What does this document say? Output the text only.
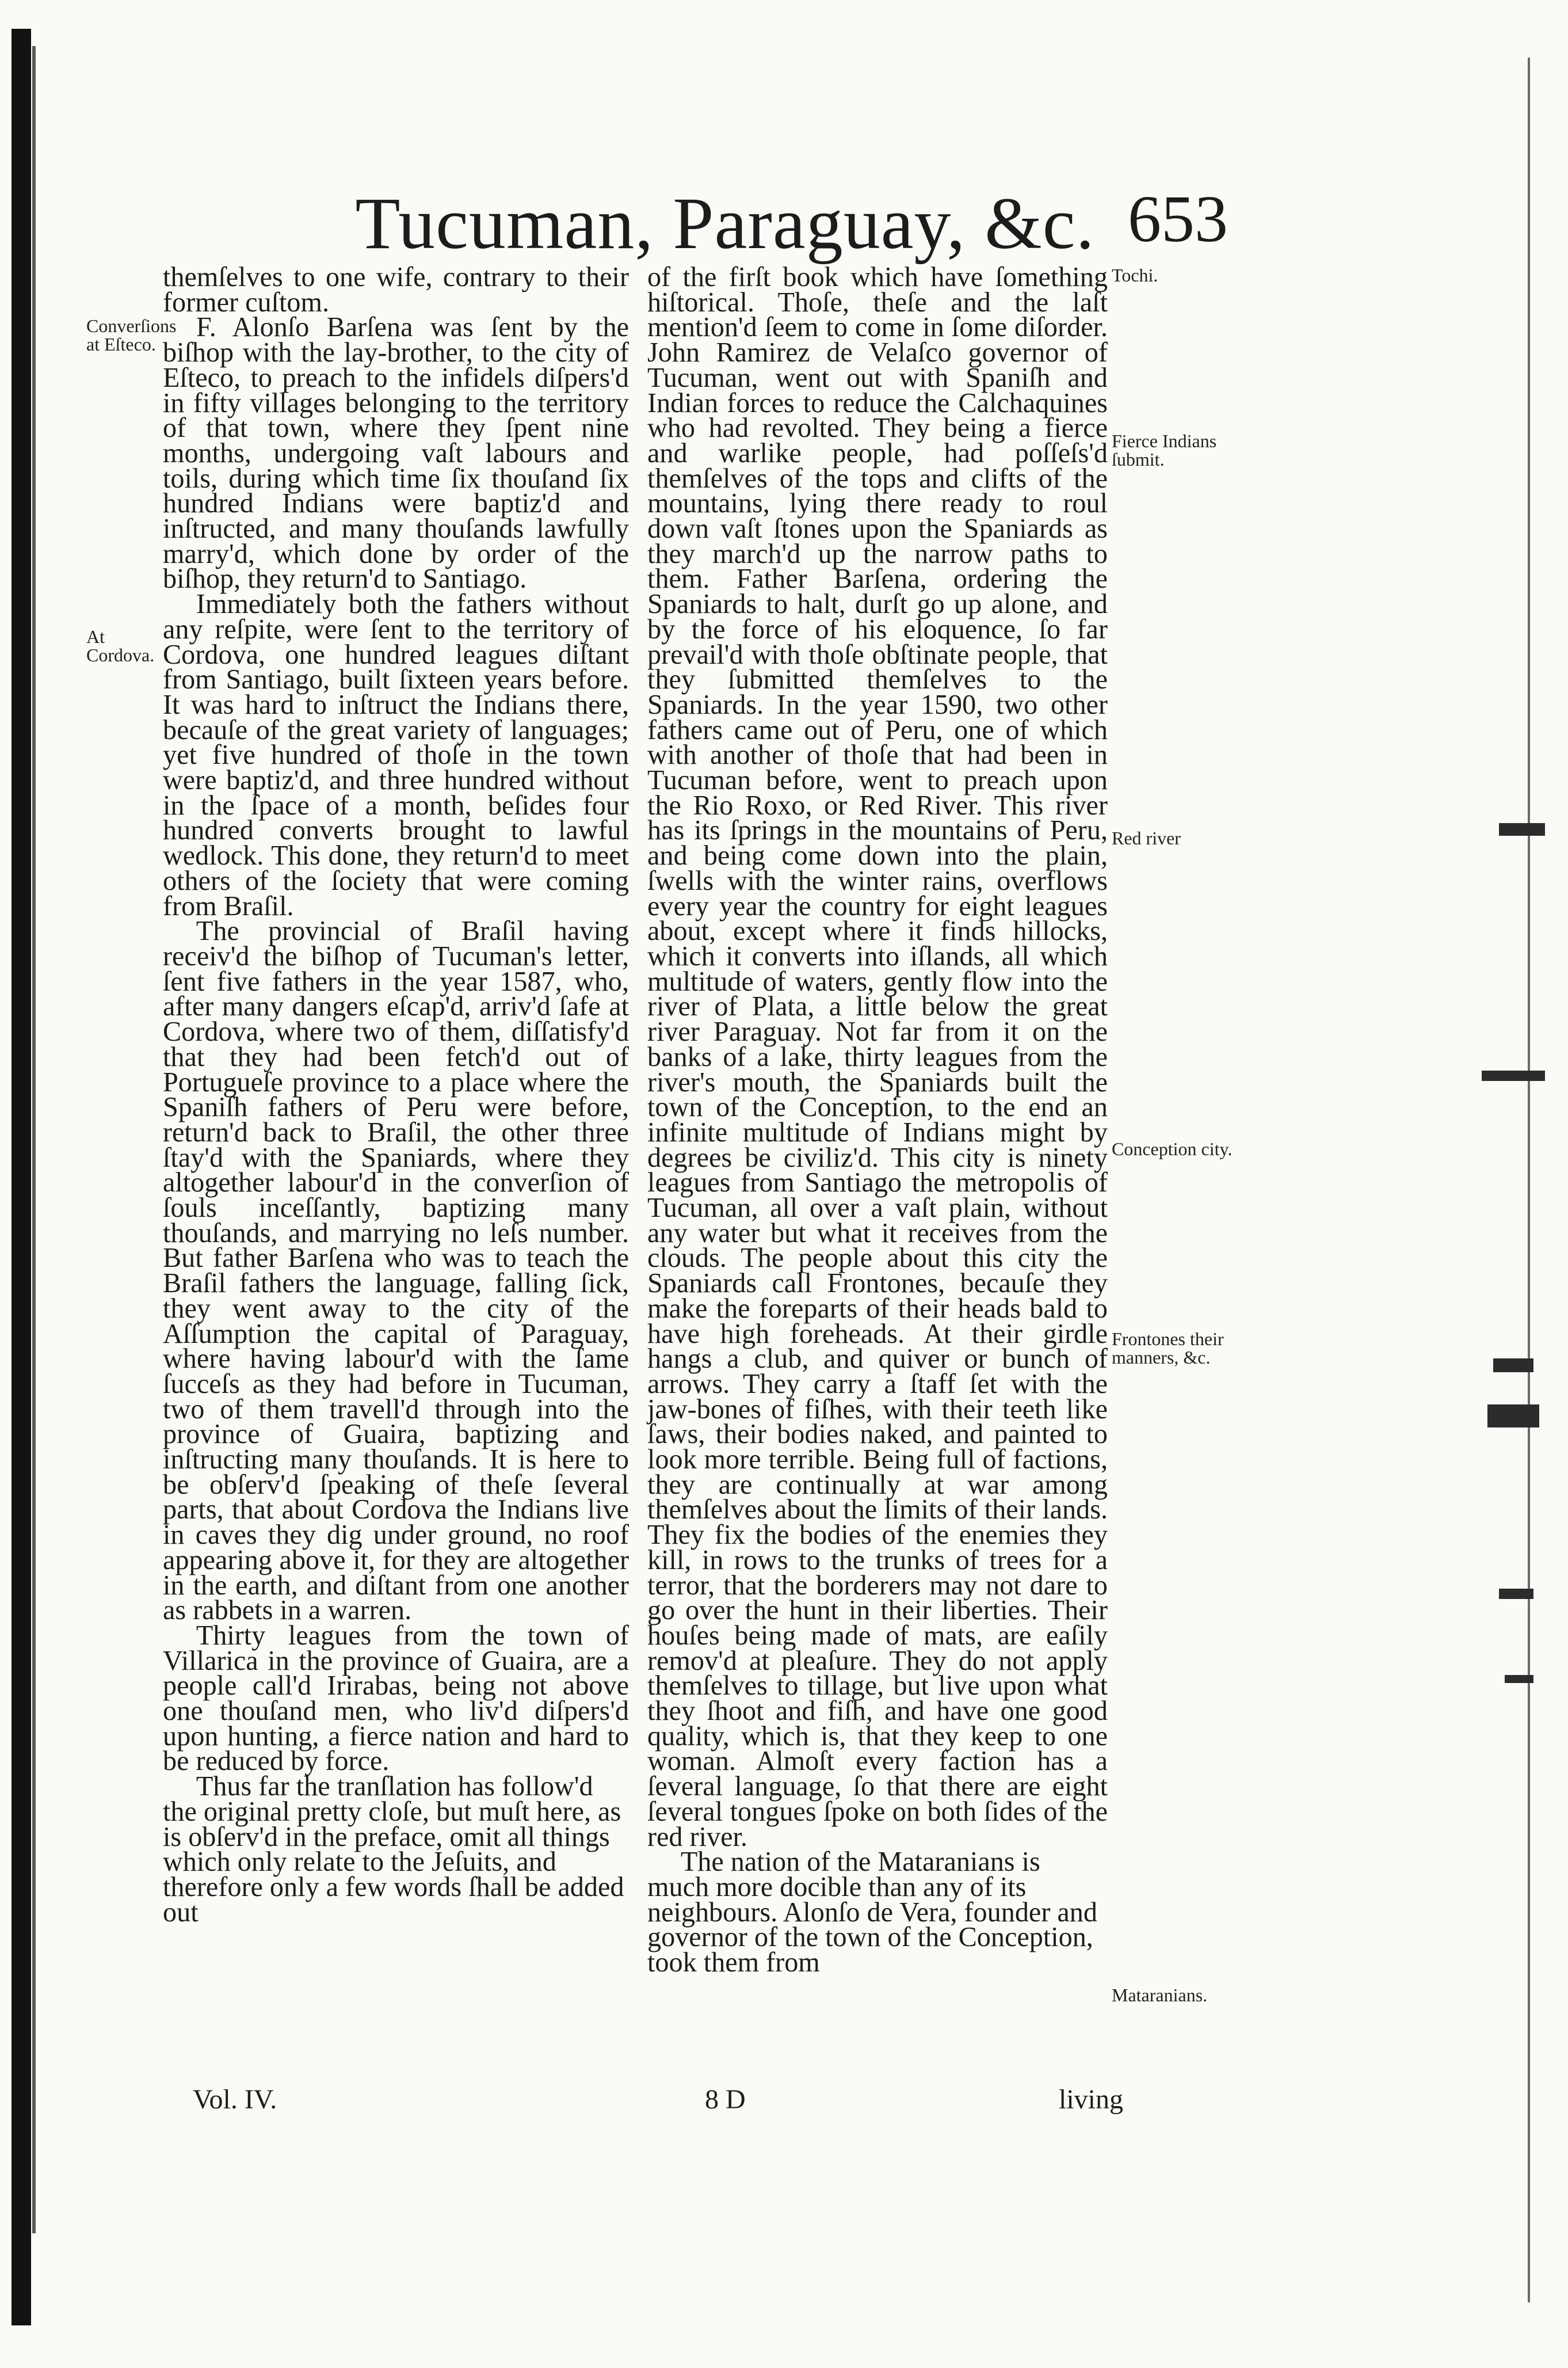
Tucuman, Paraguay, &c. 653
Converſions at Eſteco.
At Cordova.
Tochi.
Fierce Indians ſubmit.
Red river
Conception city.
Frontones their manners, &c.
Mataranians.

themſelves to one wife, contrary to their former cuſtom.

F. Alonſo Barſena was ſent by the biſhop with the lay-brother, to the city of Eſteco, to preach to the infidels diſpers'd in fifty villages belonging to the territory of that town, where they ſpent nine months, undergoing vaſt labours and toils, during which time ſix thouſand ſix hundred Indians were baptiz'd and inſtructed, and many thouſands lawfully marry'd, which done by order of the biſhop, they return'd to Santiago.

Immediately both the fathers without any reſpite, were ſent to the territory of Cordova, one hundred leagues diſtant from Santiago, built ſixteen years before. It was hard to inſtruct the Indians there, becauſe of the great variety of languages; yet five hundred of thoſe in the town were baptiz'd, and three hundred without in the ſpace of a month, beſides four hundred converts brought to lawful wedlock. This done, they return'd to meet others of the ſociety that were coming from Braſil.

The provincial of Braſil having receiv'd the biſhop of Tucuman's letter, ſent five fathers in the year 1587, who, after many dangers eſcap'd, arriv'd ſafe at Cordova, where two of them, diſſatisfy'd that they had been fetch'd out of Portugueſe province to a place where the Spaniſh fathers of Peru were before, return'd back to Braſil, the other three ſtay'd with the Spaniards, where they altogether labour'd in the converſion of ſouls inceſſantly, baptizing many thouſands, and marrying no leſs number. But father Barſena who was to teach the Braſil fathers the language, falling ſick, they went away to the city of the Aſſumption the capital of Paraguay, where having labour'd with the ſame ſucceſs as they had before in Tucuman, two of them travell'd through into the province of Guaira, baptizing and inſtructing many thouſands. It is here to be obſerv'd ſpeaking of theſe ſeveral parts, that about Cordova the Indians live in caves they dig under ground, no roof appearing above it, for they are altogether in the earth, and diſtant from one another as rabbets in a warren.

Thirty leagues from the town of Villarica in the province of Guaira, are a people call'd Irirabas, being not above one thouſand men, who liv'd diſpers'd upon hunting, a fierce nation and hard to be reduced by force.

Thus far the tranſlation has follow'd the original pretty cloſe, but muſt here, as is obſerv'd in the preface, omit all things which only relate to the Jeſuits, and therefore only a few words ſhall be added out

of the firſt book which have ſomething hiſtorical. Thoſe, theſe and the laſt mention'd ſeem to come in ſome diſorder. John Ramirez de Velaſco governor of Tucuman, went out with Spaniſh and Indian forces to reduce the Calchaquines who had revolted. They being a fierce and warlike people, had poſſeſs'd themſelves of the tops and clifts of the mountains, lying there ready to roul down vaſt ſtones upon the Spaniards as they march'd up the narrow paths to them. Father Barſena, ordering the Spaniards to halt, durſt go up alone, and by the force of his eloquence, ſo far prevail'd with thoſe obſtinate people, that they ſubmitted themſelves to the Spaniards. In the year 1590, two other fathers came out of Peru, one of which with another of thoſe that had been in Tucuman before, went to preach upon the Rio Roxo, or Red River. This river has its ſprings in the mountains of Peru, and being come down into the plain, ſwells with the winter rains, overflows every year the country for eight leagues about, except where it finds hillocks, which it converts into iſlands, all which multitude of waters, gently flow into the river of Plata, a little below the great river Paraguay. Not far from it on the banks of a lake, thirty leagues from the river's mouth, the Spaniards built the town of the Conception, to the end an infinite multitude of Indians might by degrees be civiliz'd. This city is ninety leagues from Santiago the metropolis of Tucuman, all over a vaſt plain, without any water but what it receives from the clouds. The people about this city the Spaniards call Frontones, becauſe they make the foreparts of their heads bald to have high foreheads. At their girdle hangs a club, and quiver or bunch of arrows. They carry a ſtaff ſet with the jaw-bones of fiſhes, with their teeth like ſaws, their bodies naked, and painted to look more terrible. Being full of factions, they are continually at war among themſelves about the limits of their lands. They fix the bodies of the enemies they kill, in rows to the trunks of trees for a terror, that the borderers may not dare to go over the hunt in their liberties. Their houſes being made of mats, are eaſily remov'd at pleaſure. They do not apply themſelves to tillage, but live upon what they ſhoot and fiſh, and have one good quality, which is, that they keep to one woman. Almoſt every faction has a ſeveral language, ſo that there are eight ſeveral tongues ſpoke on both ſides of the red river.

The nation of the Mataranians is much more docible than any of its neighbours. Alonſo de Vera, founder and governor of the town of the Conception, took them from

Vol. IV.	8 D	living
